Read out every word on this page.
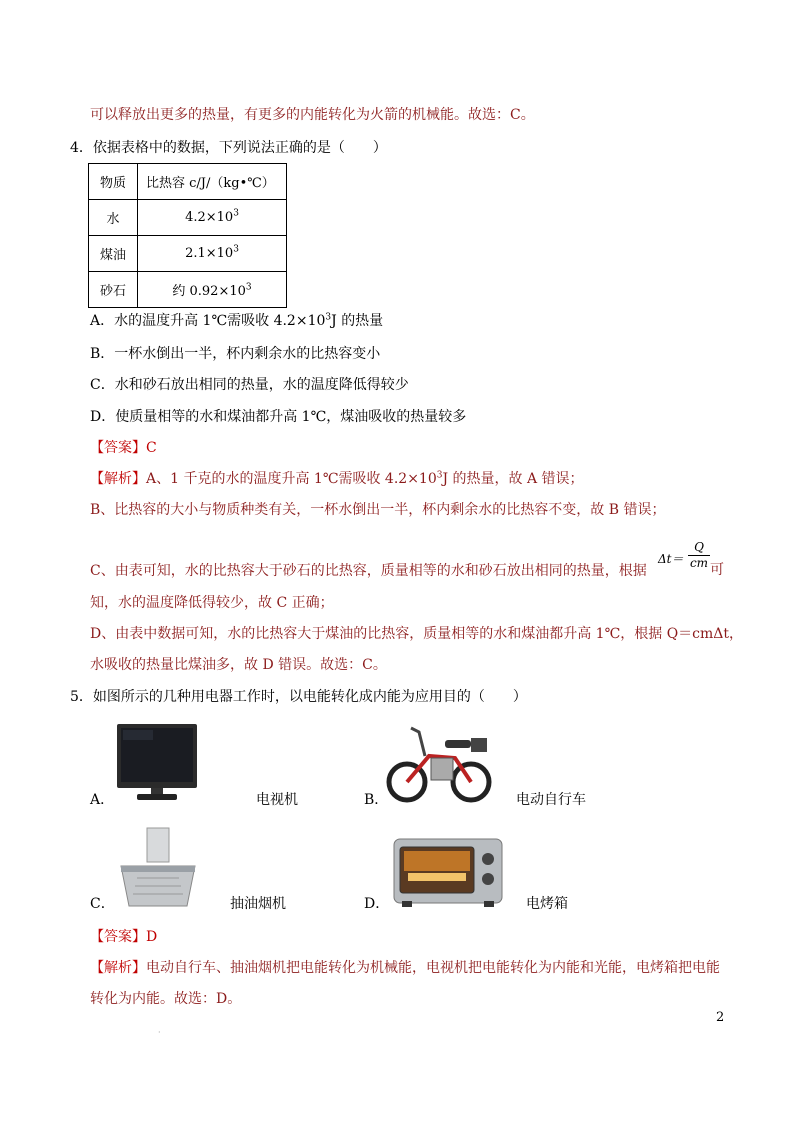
可以释放出更多的热量，有更多的内能转化为火箭的机械能。故选：C。
4．依据表格中的数据，下列说法正确的是（　　）
物质	比热容 c/J/（kg•℃）
水	$4.2\times 10^3$
煤油	$2.1\times 10^3$
砂石	约 $0.92\times 10^3$
A．水的温度升高 1℃需吸收 $4.2\times 10^3J$ 的热量
B．一杯水倒出一半，杯内剩余水的比热容变小
C．水和砂石放出相同的热量，水的温度降低得较少
D．使质量相等的水和煤油都升高 1℃，煤油吸收的热量较多
【答案】C
【解析】A、1 千克的水的温度升高 1℃需吸收 $4.2\times 10^3J$ 的热量，故 A 错误；
B、比热容的大小与物质种类有关，一杯水倒出一半，杯内剩余水的比热容不变，故 B 错误；
C、由表可知，水的比热容大于砂石的比热容，质量相等的水和砂石放出相同的热量，根据
Δt＝
Q
cm 可
知，水的温度降低得较少，故 C 正确；
D、由表中数据可知，水的比热容大于煤油的比热容，质量相等的水和煤油都升高 1℃，根据 Q＝cmΔt，
水吸收的热量比煤油多，故 D 错误。故选：C。
5．如图所示的几种用电器工作时，以电能转化成内能为应用目的（　　）
A．	电视机	B．	电动自行车
C．	抽油烟机	D．	电烤箱
【答案】D
【解析】电动自行车、抽油烟机把电能转化为机械能，电视机把电能转化为内能和光能，电烤箱把电能
转化为内能。故选：D。
2
·
